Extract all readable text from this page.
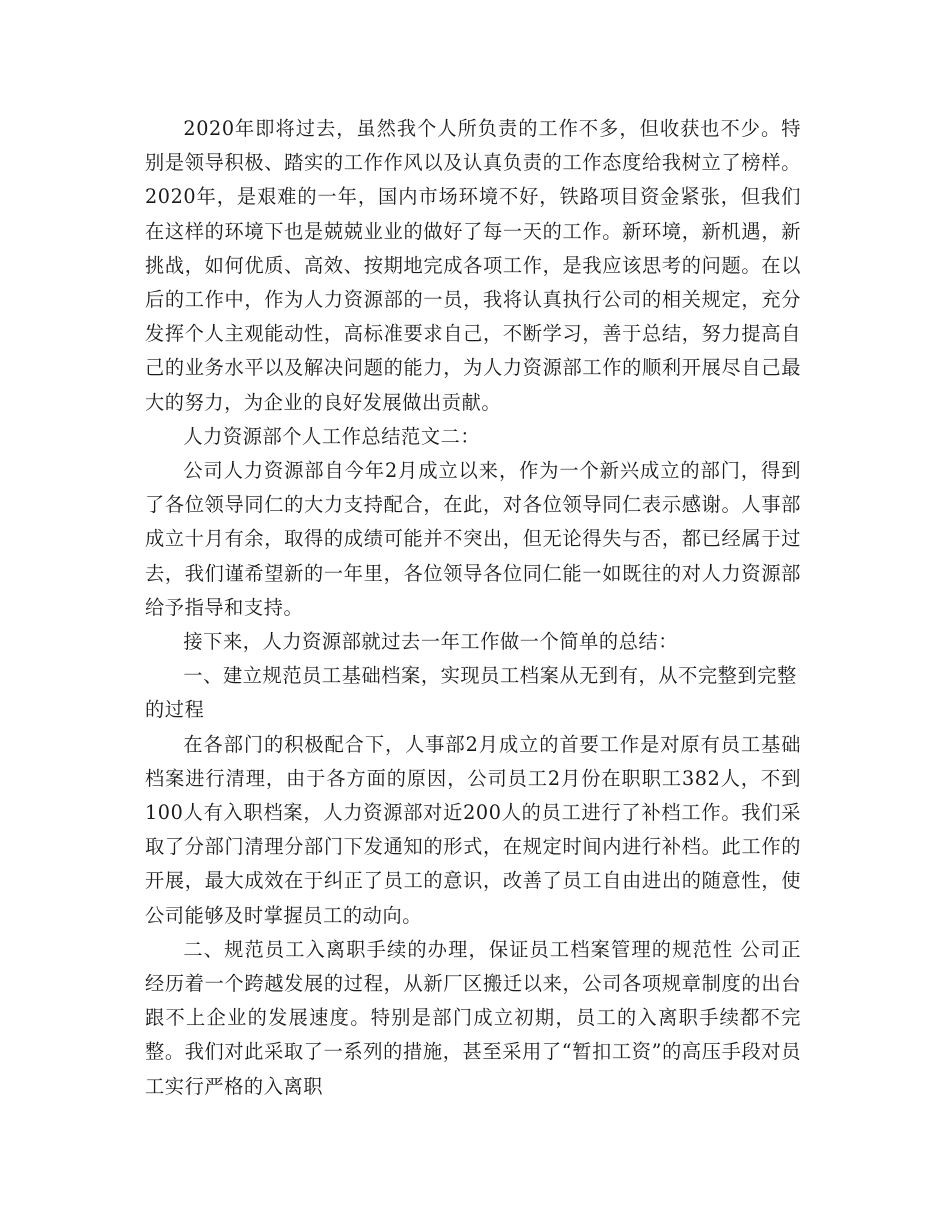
2020年即将过去，虽然我个人所负责的工作不多，但收获也不少。特别是领导积极、踏实的工作作风以及认真负责的工作态度给我树立了榜样。2020年，是艰难的一年，国内市场环境不好，铁路项目资金紧张，但我们在这样的环境下也是兢兢业业的做好了每一天的工作。新环境，新机遇，新挑战，如何优质、高效、按期地完成各项工作，是我应该思考的问题。在以后的工作中，作为人力资源部的一员，我将认真执行公司的相关规定，充分发挥个人主观能动性，高标准要求自己，不断学习，善于总结，努力提高自己的业务水平以及解决问题的能力，为人力资源部工作的顺利开展尽自己最大的努力，为企业的良好发展做出贡献。

人力资源部个人工作总结范文二：

公司人力资源部自今年2月成立以来，作为一个新兴成立的部门，得到了各位领导同仁的大力支持配合，在此，对各位领导同仁表示感谢。人事部成立十月有余，取得的成绩可能并不突出，但无论得失与否，都已经属于过去，我们谨希望新的一年里，各位领导各位同仁能一如既往的对人力资源部给予指导和支持。

接下来，人力资源部就过去一年工作做一个简单的总结：

一、建立规范员工基础档案，实现员工档案从无到有，从不完整到完整的过程

在各部门的积极配合下，人事部2月成立的首要工作是对原有员工基础档案进行清理，由于各方面的原因，公司员工2月份在职职工382人，不到100人有入职档案，人力资源部对近200人的员工进行了补档工作。我们采取了分部门清理分部门下发通知的形式，在规定时间内进行补档。此工作的开展，最大成效在于纠正了员工的意识，改善了员工自由进出的随意性，使公司能够及时掌握员工的动向。

二、规范员工入离职手续的办理，保证员工档案管理的规范性 公司正经历着一个跨越发展的过程，从新厂区搬迁以来，公司各项规章制度的出台跟不上企业的发展速度。特别是部门成立初期，员工的入离职手续都不完整。我们对此采取了一系列的措施，甚至采用了“暂扣工资”的高压手段对员工实行严格的入离职
